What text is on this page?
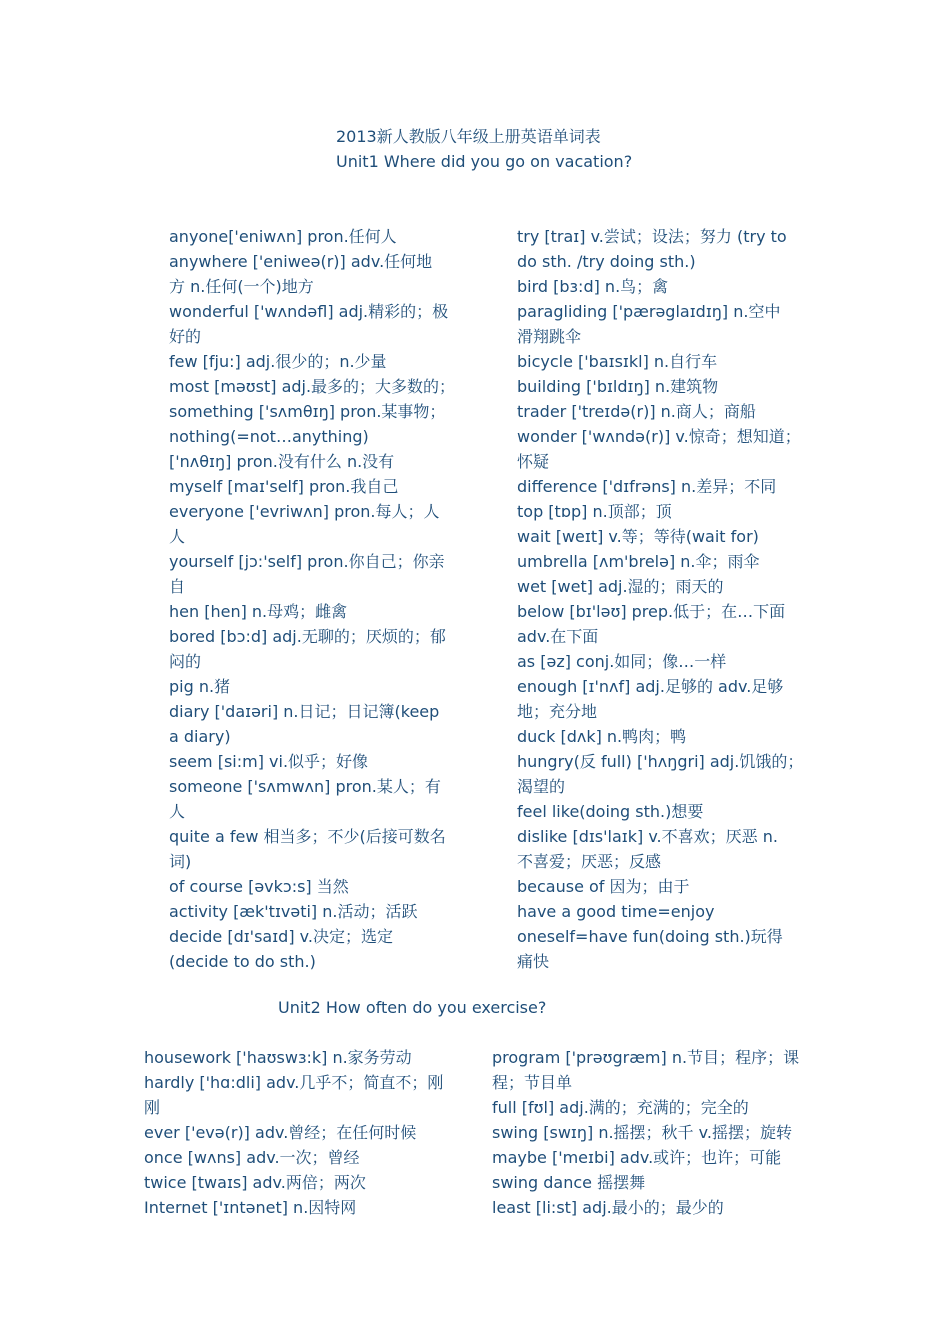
2013新人教版八年级上册英语单词表
Unit1 Where did you go on vacation?
anyone['eniwʌn] pron.任何人
anywhere ['eniweə(r)] adv.任何地
方 n.任何(一个)地方
wonderful ['wʌndəfl] adj.精彩的；极
好的
few [fju:] adj.很少的；n.少量
most [məʊst] adj.最多的；大多数的；
something ['sʌmθɪŋ] pron.某事物；
nothing(=not…anything)
['nʌθɪŋ] pron.没有什么 n.没有
myself [maɪ'self] pron.我自己
everyone ['evriwʌn] pron.每人；人
人
yourself [jɔ:'self] pron.你自己；你亲
自
hen [hen] n.母鸡；雌禽
bored [bɔ:d] adj.无聊的；厌烦的；郁
闷的
pig n.猪
diary ['daɪəri] n.日记；日记簿(keep
a diary)
seem [si:m] vi.似乎；好像
someone ['sʌmwʌn] pron.某人；有
人
quite a few 相当多；不少(后接可数名
词)
of course [əvkɔ:s] 当然
activity [æk'tɪvəti] n.活动；活跃
decide [dɪ'saɪd] v.决定；选定
(decide to do sth.)
try [traɪ] v.尝试；设法；努力 (try to
do sth. /try doing sth.)
bird [bɜ:d] n.鸟；禽
paragliding ['pærəglaɪdɪŋ] n.空中
滑翔跳伞
bicycle ['baɪsɪkl] n.自行车
building ['bɪldɪŋ] n.建筑物
trader ['treɪdə(r)] n.商人；商船
wonder ['wʌndə(r)] v.惊奇；想知道；
怀疑
difference ['dɪfrəns] n.差异；不同
top [tɒp] n.顶部；顶
wait [weɪt] v.等；等待(wait for)
umbrella [ʌm'brelə] n.伞；雨伞
wet [wet] adj.湿的；雨天的
below [bɪ'ləʊ] prep.低于；在…下面
adv.在下面
as [əz] conj.如同；像…一样
enough [ɪ'nʌf] adj.足够的 adv.足够
地；充分地
duck [dʌk] n.鸭肉；鸭
hungry(反 full) ['hʌŋgri] adj.饥饿的；
渴望的
feel like(doing sth.)想要
dislike [dɪs'laɪk] v.不喜欢；厌恶 n.
不喜爱；厌恶；反感
because of 因为；由于
have a good time=enjoy
oneself=have fun(doing sth.)玩得
痛快
Unit2 How often do you exercise?
housework ['haʊswɜ:k] n.家务劳动
hardly ['hɑ:dli] adv.几乎不；简直不；刚
刚
ever ['evə(r)] adv.曾经；在任何时候
once [wʌns] adv.一次；曾经
twice [twaɪs] adv.两倍；两次
Internet ['ɪntənet] n.因特网
program ['prəʊgræm] n.节目；程序；课
程；节目单
full [fʊl] adj.满的；充满的；完全的
swing [swɪŋ] n.摇摆；秋千 v.摇摆；旋转
maybe ['meɪbi] adv.或许；也许；可能
swing dance 摇摆舞
least [li:st] adj.最小的；最少的
